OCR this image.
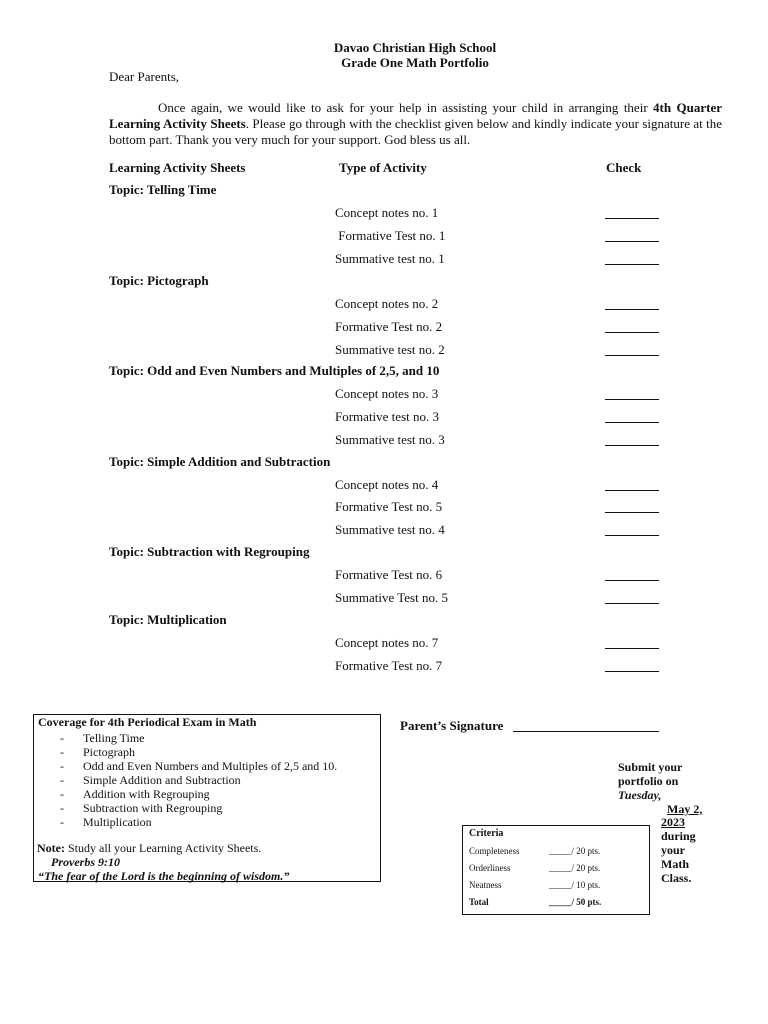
Davao Christian High School
Grade One Math Portfolio
Dear Parents,
Once again, we would like to ask for your help in assisting your child in arranging their 4th Quarter Learning Activity Sheets. Please go through with the checklist given below and kindly indicate your signature at the bottom part. Thank you very much for your support. God bless us all.
Learning Activity Sheets	Type of Activity	Check
Topic: Telling Time
Concept notes no. 1
Formative Test no. 1
Summative test no. 1
Topic: Pictograph
Concept notes no. 2
Formative Test no. 2
Summative test no. 2
Topic: Odd and Even Numbers and Multiples of 2,5, and 10
Concept notes no. 3
Formative test no. 3
Summative test no. 3
Topic: Simple Addition and Subtraction
Concept notes no. 4
Formative Test no. 5
Summative test no. 4
Topic: Subtraction with Regrouping
Formative Test no. 6
Summative Test no. 5
Topic: Multiplication
Concept notes no. 7
Formative Test no. 7
Coverage for 4th Periodical Exam in Math
- Telling Time
- Pictograph
- Odd and Even Numbers and Multiples of 2,5 and 10.
- Simple Addition and Subtraction
- Addition with Regrouping
- Subtraction with Regrouping
- Multiplication
Note: Study all your Learning Activity Sheets.
Proverbs 9:10
“The fear of the Lord is the beginning of wisdom.”
Parent’s Signature
Submit your
portfolio on
Tuesday,
May 2,
2023
during
your
Math
Class.
Criteria
Completeness	_____/ 20 pts.
Orderliness	_____/ 20 pts.
Neatness	_____/ 10 pts.
Total	_____/ 50 pts.
